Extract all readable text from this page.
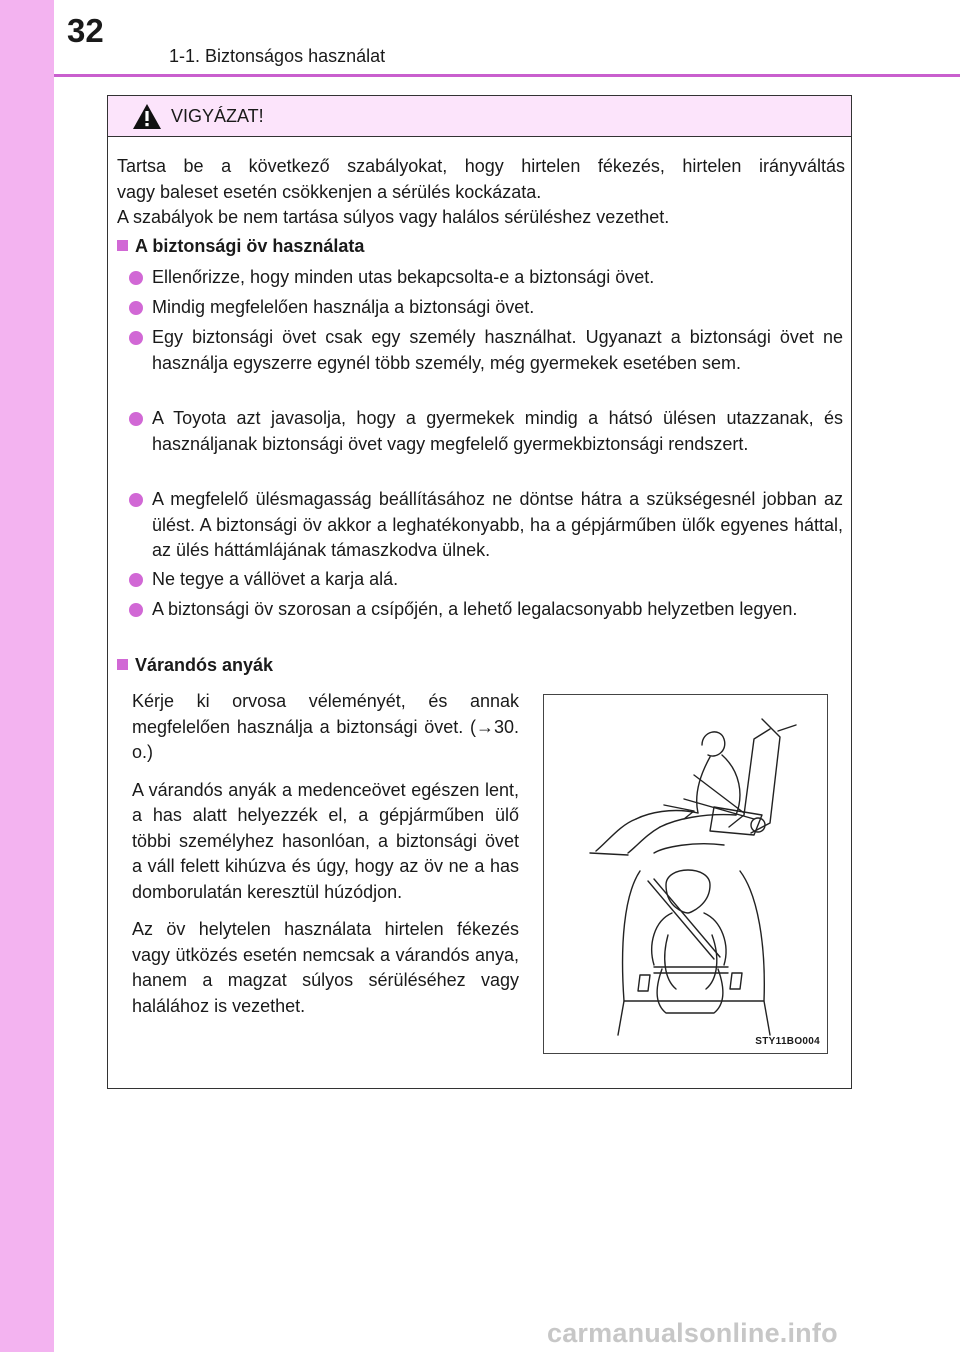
32
1-1. Biztonságos használat
VIGYÁZAT!

Tartsa be a következő szabályokat, hogy hirtelen fékezés, hirtelen irányváltás

vagy baleset esetén csökkenjen a sérülés kockázata.

A szabályok be nem tartása súlyos vagy halálos sérüléshez vezethet.

A biztonsági öv használata
Ellenőrizze, hogy minden utas bekapcsolta-e a biztonsági övet.
Mindig megfelelően használja a biztonsági övet.
Egy biztonsági övet csak egy személy használhat. Ugyanazt a biztonsági övet ne használja egyszerre egynél több személy, még gyermekek esetében sem.
A Toyota azt javasolja, hogy a gyermekek mindig a hátsó ülésen utazzanak, és használjanak biztonsági övet vagy megfelelő gyermekbiztonsági rendszert.
A megfelelő ülésmagasság beállításához ne döntse hátra a szükségesnél jobban az ülést. A biztonsági öv akkor a leghatékonyabb, ha a gépjárműben ülők egyenes háttal, az ülés háttámlájának támaszkodva ülnek.
Ne tegye a vállövet a karja alá.
A biztonsági öv szorosan a csípőjén, a lehető legalacsonyabb helyzetben legyen.
Várandós anyák

Kérje ki orvosa véleményét, és annak megfelelően használja a biztonsági övet. (→30. o.)

A várandós anyák a medenceövet egészen lent, a has alatt helyezzék el, a gépjárműben ülő többi személyhez hasonlóan, a biztonsági övet a váll felett kihúzva és úgy, hogy az öv ne a has domborulatán keresztül húzódjon.

Az öv helytelen használata hirtelen fékezés vagy ütközés esetén nemcsak a várandós anya, hanem a magzat súlyos sérüléséhez vagy halálához is vezethet.

STY11BO004
carmanualsonline.info
